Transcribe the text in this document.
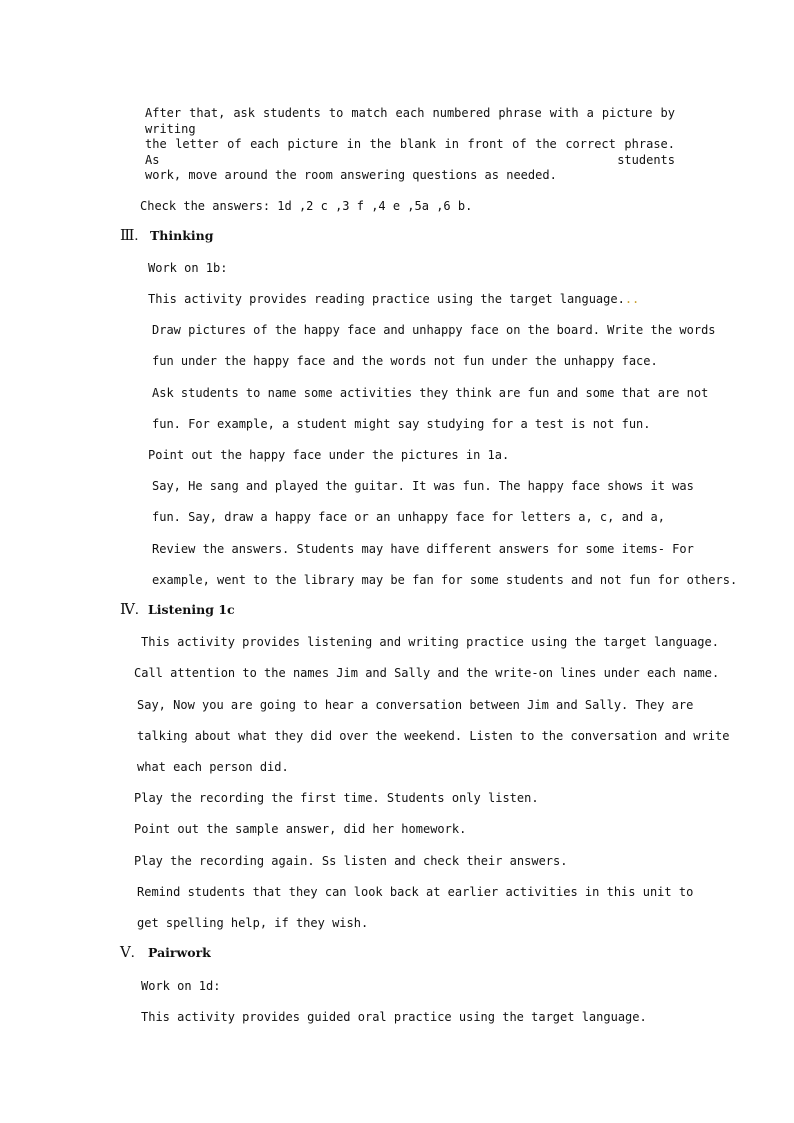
After that, ask students to match each numbered phrase with a picture by writing
the letter of each picture in the blank in front of the correct phrase. As students
work, move around the room answering questions as needed.
Check the answers: 1d ,2 c ,3 f ,4 e ,5a ,6 b.
Ⅲ. Thinking
Work on 1b:
This activity provides reading practice using the target language...
Draw pictures of the happy face and unhappy face on the board. Write the words
fun under the happy face and the words not fun under the unhappy face.
Ask students to name some activities they think are fun and some that are not
fun. For example, a student might say studying for a test is not fun.
Point out the happy face under the pictures in 1a.
Say, He sang and played the guitar. It was fun. The happy face shows it was
fun. Say, draw a happy face or an unhappy face for letters a, c, and a,
Review the answers. Students may have different answers for some items- For
example, went to the library may be fan for some students and not fun for others.
Ⅳ. Listening 1c
This activity provides listening and writing practice using the target language.
Call attention to the names Jim and Sally and the write-on lines under each name.
Say, Now you are going to hear a conversation between Jim and Sally. They are
talking about what they did over the weekend. Listen to the conversation and write
what each person did.
Play the recording the first time. Students only listen.
Point out the sample answer, did her homework.
Play the recording again. Ss listen and check their answers.
Remind students that they can look back at earlier activities in this unit to
get spelling help, if they wish.
Ⅴ. Pairwork
Work on 1d:
This activity provides guided oral practice using the target language.
